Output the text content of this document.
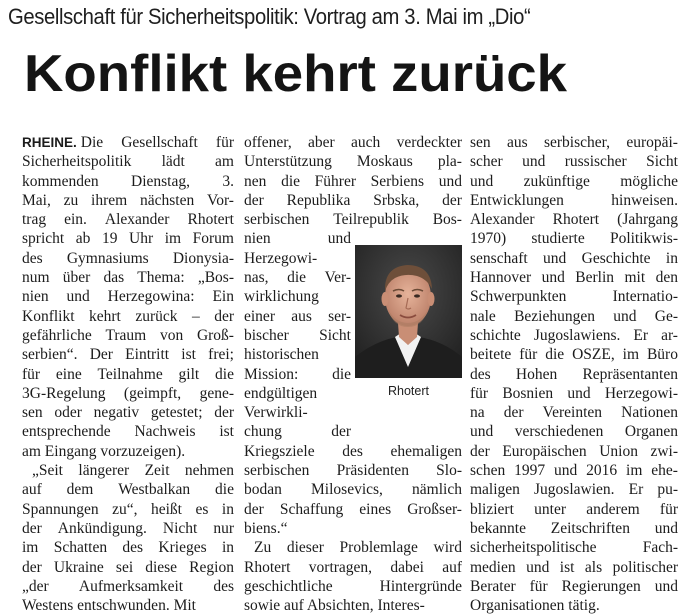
Gesellschaft für Sicherheitspolitik: Vortrag am 3. Mai im „Dio“
Konflikt kehrt zurück
RHEINE. Die Gesellschaft für
Sicherheitspolitik lädt am
kommenden Dienstag, 3.
Mai, zu ihrem nächsten Vor-
trag ein. Alexander Rhotert
spricht ab 19 Uhr im Forum
des Gymnasiums Dionysia-
num über das Thema: „Bos-
nien und Herzegowina: Ein
Konflikt kehrt zurück – der
gefährliche Traum von Groß-
serbien“. Der Eintritt ist frei;
für eine Teilnahme gilt die
3G-Regelung (geimpft, gene-
sen oder negativ getestet; der
entsprechende Nachweis ist
am Eingang vorzuzeigen).
„Seit längerer Zeit nehmen
auf dem Westbalkan die
Spannungen zu“, heißt es in
der Ankündigung. Nicht nur
im Schatten des Krieges in
der Ukraine sei diese Region
„der Aufmerksamkeit des
Westens entschwunden. Mit
offener, aber auch verdeckter
Unterstützung Moskaus pla-
nen die Führer Serbiens und
der Republika Srbska, der
serbischen Teilrepublik Bos-
nien	und
Herzegowi-
nas, die Ver-
wirklichung
einer aus ser-
bischer Sicht
historischen
Mission: die
endgültigen
Verwirkli-
chung	der
Kriegsziele des ehemaligen
serbischen Präsidenten Slo-
bodan Milosevics, nämlich
der Schaffung eines Großser-
biens.“
Zu dieser Problemlage wird
Rhotert vortragen, dabei auf
geschichtliche	Hintergründe
sowie auf Absichten, Interes-
Rhotert
sen aus serbischer, europäi-
scher und russischer Sicht
und zukünftige mögliche
Entwicklungen	hinweisen.
Alexander Rhotert (Jahrgang
1970) studierte Politikwis-
senschaft und Geschichte in
Hannover und Berlin mit den
Schwerpunkten	Internatio-
nale Beziehungen und Ge-
schichte Jugoslawiens. Er ar-
beitete für die OSZE, im Büro
des Hohen Repräsentanten
für Bosnien und Herzegowi-
na der Vereinten Nationen
und verschiedenen Organen
der Europäischen Union zwi-
schen 1997 und 2016 im ehe-
maligen Jugoslawien. Er pu-
bliziert unter anderem für
bekannte Zeitschriften und
sicherheitspolitische	Fach-
medien und ist als politischer
Berater für Regierungen und
Organisationen tätig.
